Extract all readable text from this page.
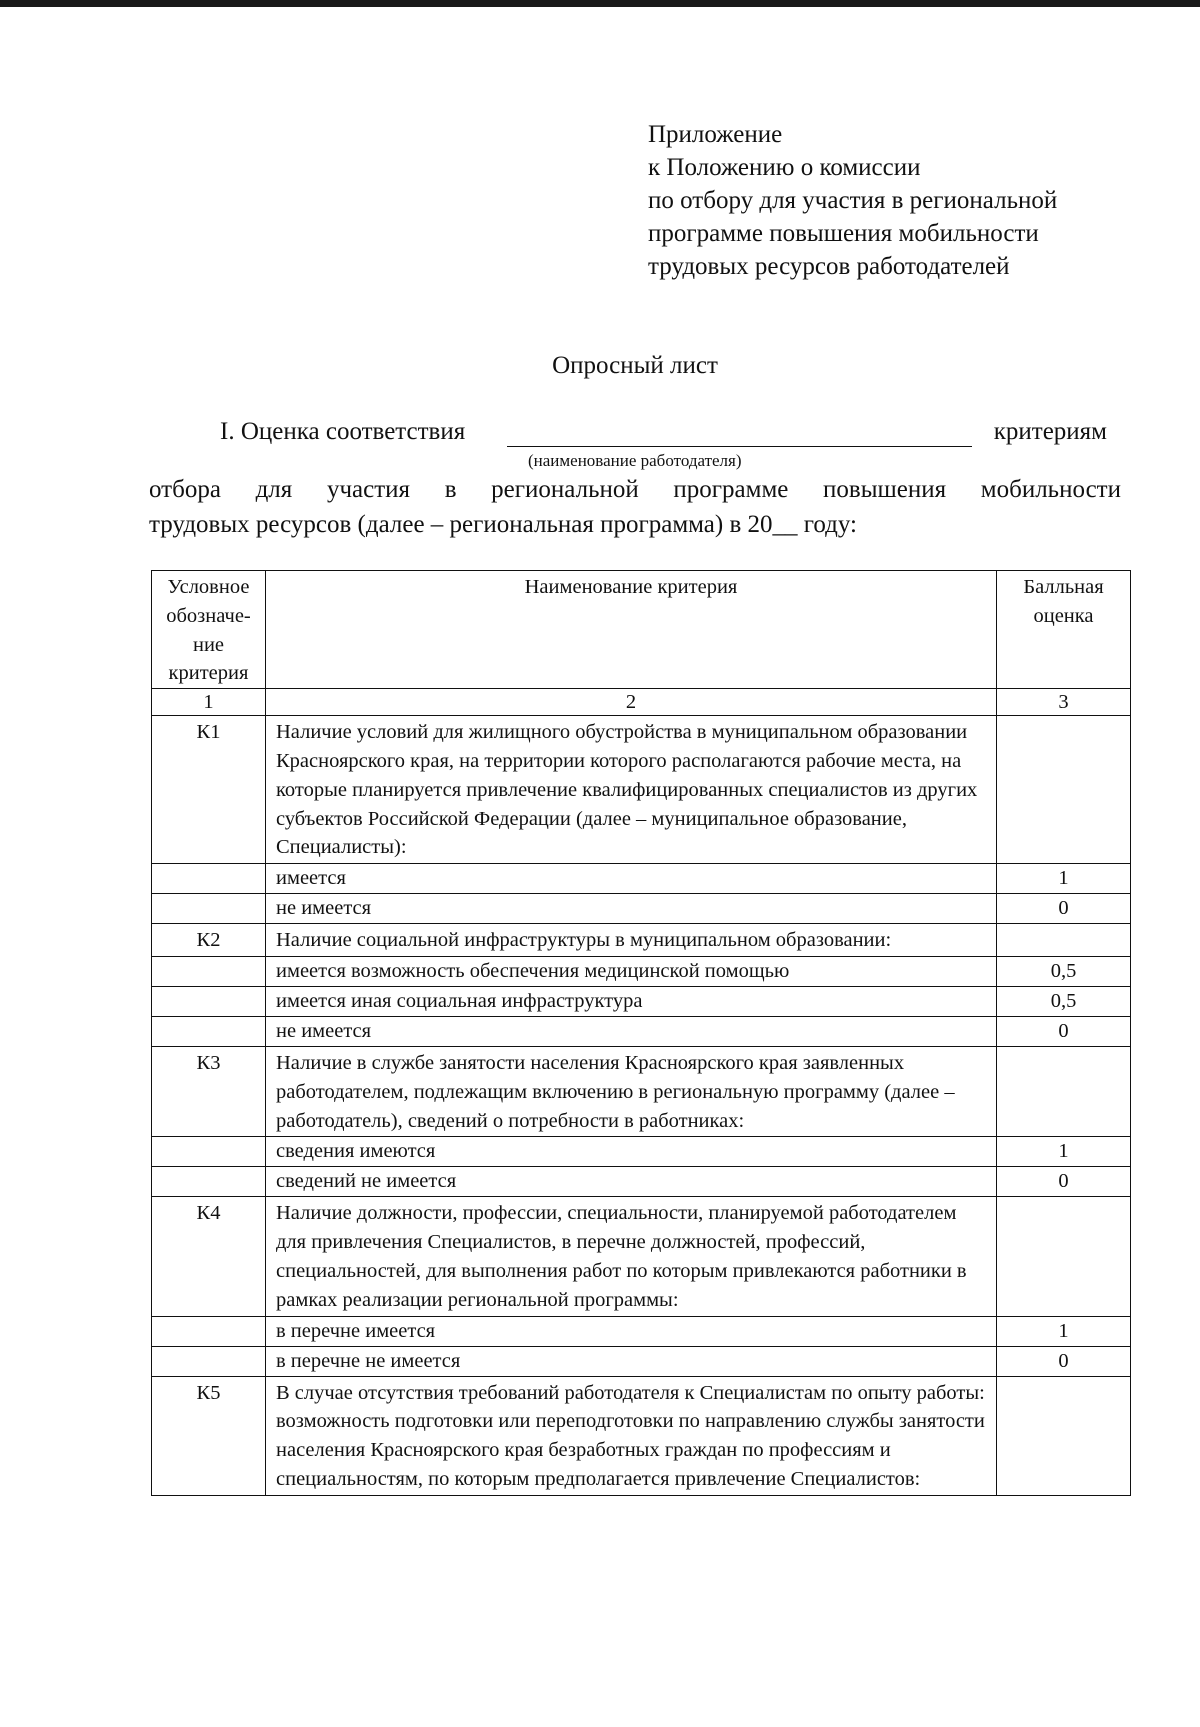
Приложение
к Положению о комиссии
по отбору для участия в региональной
программе повышения мобильности
трудовых ресурсов работодателей
Опросный лист
I. Оценка соответствия	критериям
(наименование работодателя)
отбора для участия в региональной программе повышения мобильности
трудовых ресурсов (далее – региональная программа) в 20__ году:
Условное обозначе-ние критерия	Наименование критерия	Балльная оценка
1	2	3
К1	Наличие условий для жилищного обустройства в муниципальном образовании Красноярского края, на территории которого располагаются рабочие места, на которые планируется привлечение квалифицированных специалистов из других субъектов Российской Федерации (далее – муниципальное образование, Специалисты):	
	имеется	1
	не имеется	0
К2	Наличие социальной инфраструктуры в муниципальном образовании:	
	имеется возможность обеспечения медицинской помощью	0,5
	имеется иная социальная инфраструктура	0,5
	не имеется	0
К3	Наличие в службе занятости населения Красноярского края заявленных работодателем, подлежащим включению в региональную программу (далее – работодатель), сведений о потребности в работниках:	
	сведения имеются	1
	сведений не имеется	0
К4	Наличие должности, профессии, специальности, планируемой работодателем для привлечения Специалистов, в перечне должностей, профессий, специальностей, для выполнения работ по которым привлекаются работники в рамках реализации региональной программы:	
	в перечне имеется	1
	в перечне не имеется	0
К5	В случае отсутствия требований работодателя к Специалистам по опыту работы: возможность подготовки или переподготовки по направлению службы занятости населения Красноярского края безработных граждан по профессиям и специальностям, по которым предполагается привлечение Специалистов:	
